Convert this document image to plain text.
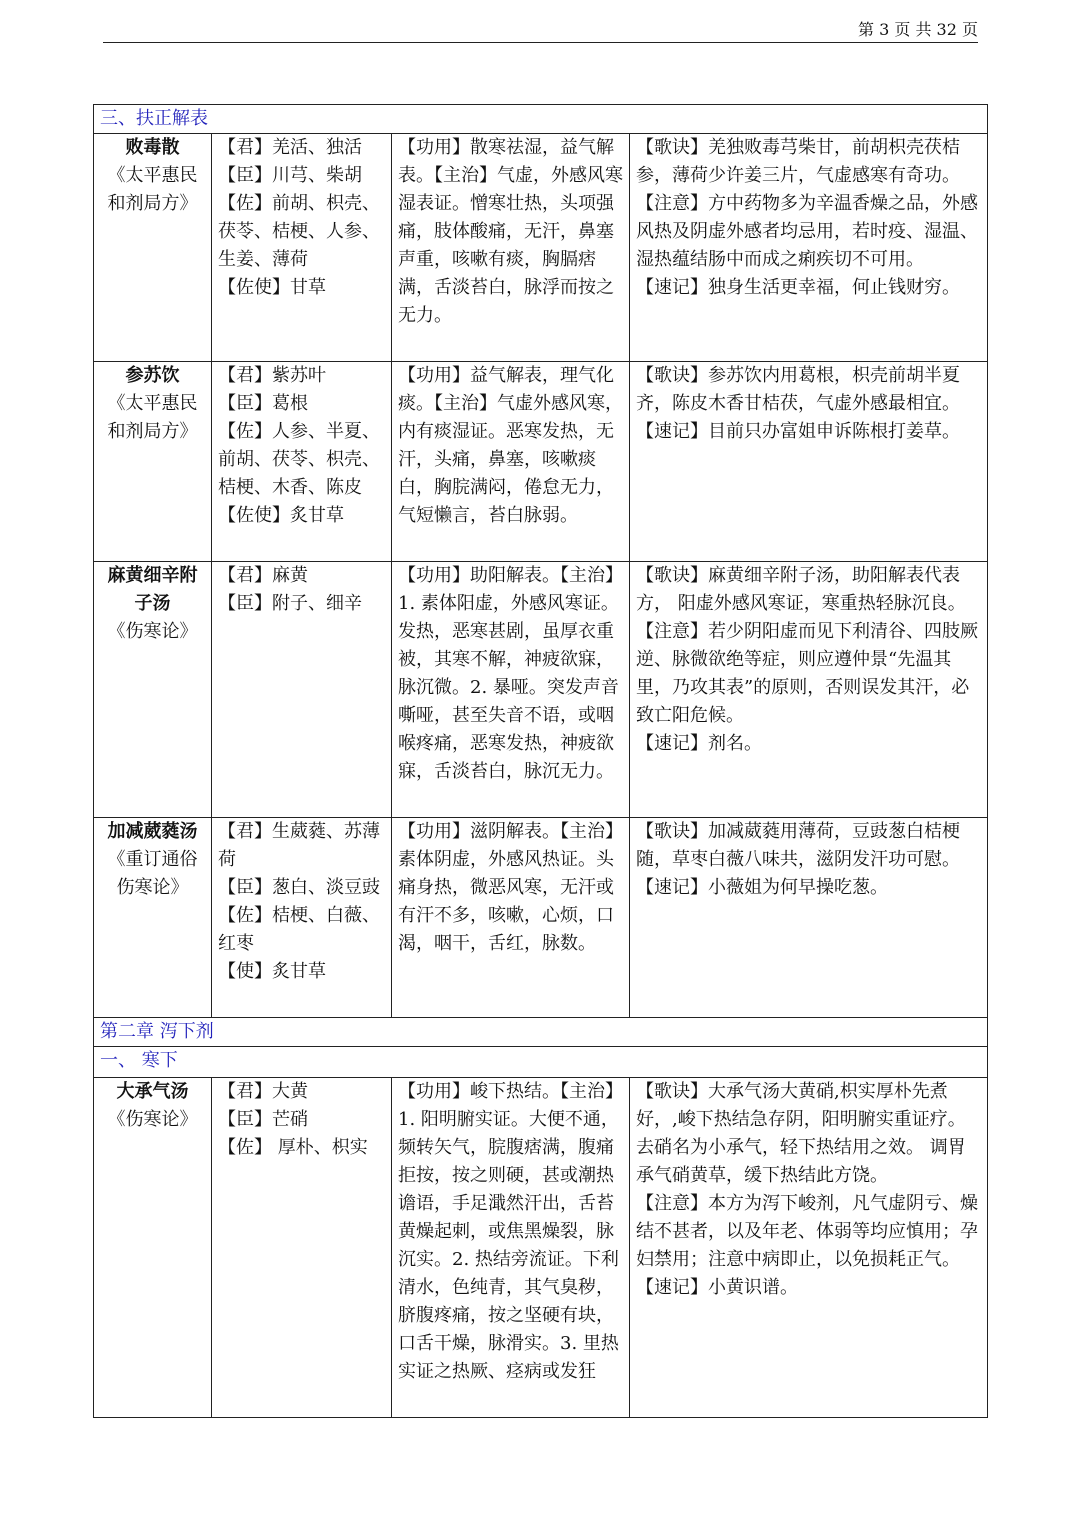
第 3 页 共 32 页
三、扶正解表			

败毒散
《太平惠民和剂局方》	【君】羌活、独活
【臣】川芎、柴胡
【佐】前胡、枳壳、茯苓、桔梗、人参、生姜、薄荷
【佐使】甘草	【功用】散寒祛湿，益气解表。【主治】气虚，外感风寒湿表证。憎寒壮热，头项强痛，肢体酸痛，无汗，鼻塞声重，咳嗽有痰，胸膈痞满，舌淡苔白，脉浮而按之无力。	【歌诀】羌独败毒芎柴甘，前胡枳壳茯桔参，薄荷少许姜三片，气虚感寒有奇功。
【注意】方中药物多为辛温香燥之品，外感风热及阴虚外感者均忌用，若时疫、湿温、湿热蕴结肠中而成之痢疾切不可用。
【速记】独身生活更幸福，何止钱财穷。

参苏饮
《太平惠民和剂局方》	【君】紫苏叶
【臣】葛根
【佐】人参、半夏、前胡、茯苓、枳壳、桔梗、木香、陈皮
【佐使】炙甘草	【功用】益气解表，理气化痰。【主治】气虚外感风寒，内有痰湿证。恶寒发热，无汗，头痛，鼻塞，咳嗽痰白，胸脘满闷，倦怠无力，气短懒言，苔白脉弱。	【歌诀】参苏饮内用葛根，枳壳前胡半夏齐，陈皮木香甘桔茯，气虚外感最相宜。
【速记】目前只办富姐申诉陈根打姜草。

麻黄细辛附子汤
《伤寒论》	【君】麻黄
【臣】附子、细辛	【功用】助阳解表。【主治】1. 素体阳虚，外感风寒证。发热，恶寒甚剧，虽厚衣重被，其寒不解，神疲欲寐，脉沉微。2. 暴哑。突发声音嘶哑，甚至失音不语，或咽喉疼痛，恶寒发热，神疲欲寐，舌淡苔白，脉沉无力。	【歌诀】麻黄细辛附子汤，助阳解表代表方， 阳虚外感风寒证，寒重热轻脉沉良。
【注意】若少阴阳虚而见下利清谷、四肢厥逆、脉微欲绝等症，则应遵仲景“先温其里，乃攻其表”的原则，否则误发其汗，必致亡阳危候。
【速记】剂名。

加减葳蕤汤
《重订通俗伤寒论》	【君】生葳蕤、苏薄荷
【臣】葱白、淡豆豉
【佐】桔梗、白薇、红枣
【使】炙甘草	【功用】滋阴解表。【主治】素体阴虚，外感风热证。头痛身热，微恶风寒，无汗或有汗不多，咳嗽，心烦，口渴，咽干，舌红，脉数。	【歌诀】加减葳蕤用薄荷，豆豉葱白桔梗随，草枣白薇八味共，滋阴发汗功可慰。
【速记】小薇姐为何早操吃葱。

第二章 泻下剂			
一、 寒下			

大承气汤
《伤寒论》	【君】大黄
【臣】芒硝
【佐】 厚朴、枳实	【功用】峻下热结。【主治】1. 阳明腑实证。大便不通，频转矢气，脘腹痞满，腹痛拒按，按之则硬，甚或潮热谵语，手足濈然汗出，舌苔黄燥起刺，或焦黑燥裂，脉沉实。2. 热结旁流证。下利清水，色纯青，其气臭秽，脐腹疼痛，按之坚硬有块，口舌干燥，脉滑实。3. 里热实证之热厥、痉病或发狂	【歌诀】大承气汤大黄硝,枳实厚朴先煮好，,峻下热结急存阴，阳明腑实重证疗。去硝名为小承气，轻下热结用之效。 调胃承气硝黄草，缓下热结此方饶。
【注意】本方为泻下峻剂，凡气虚阴亏、燥结不甚者，以及年老、体弱等均应慎用；孕妇禁用；注意中病即止，以免损耗正气。
【速记】小黄识谱。
